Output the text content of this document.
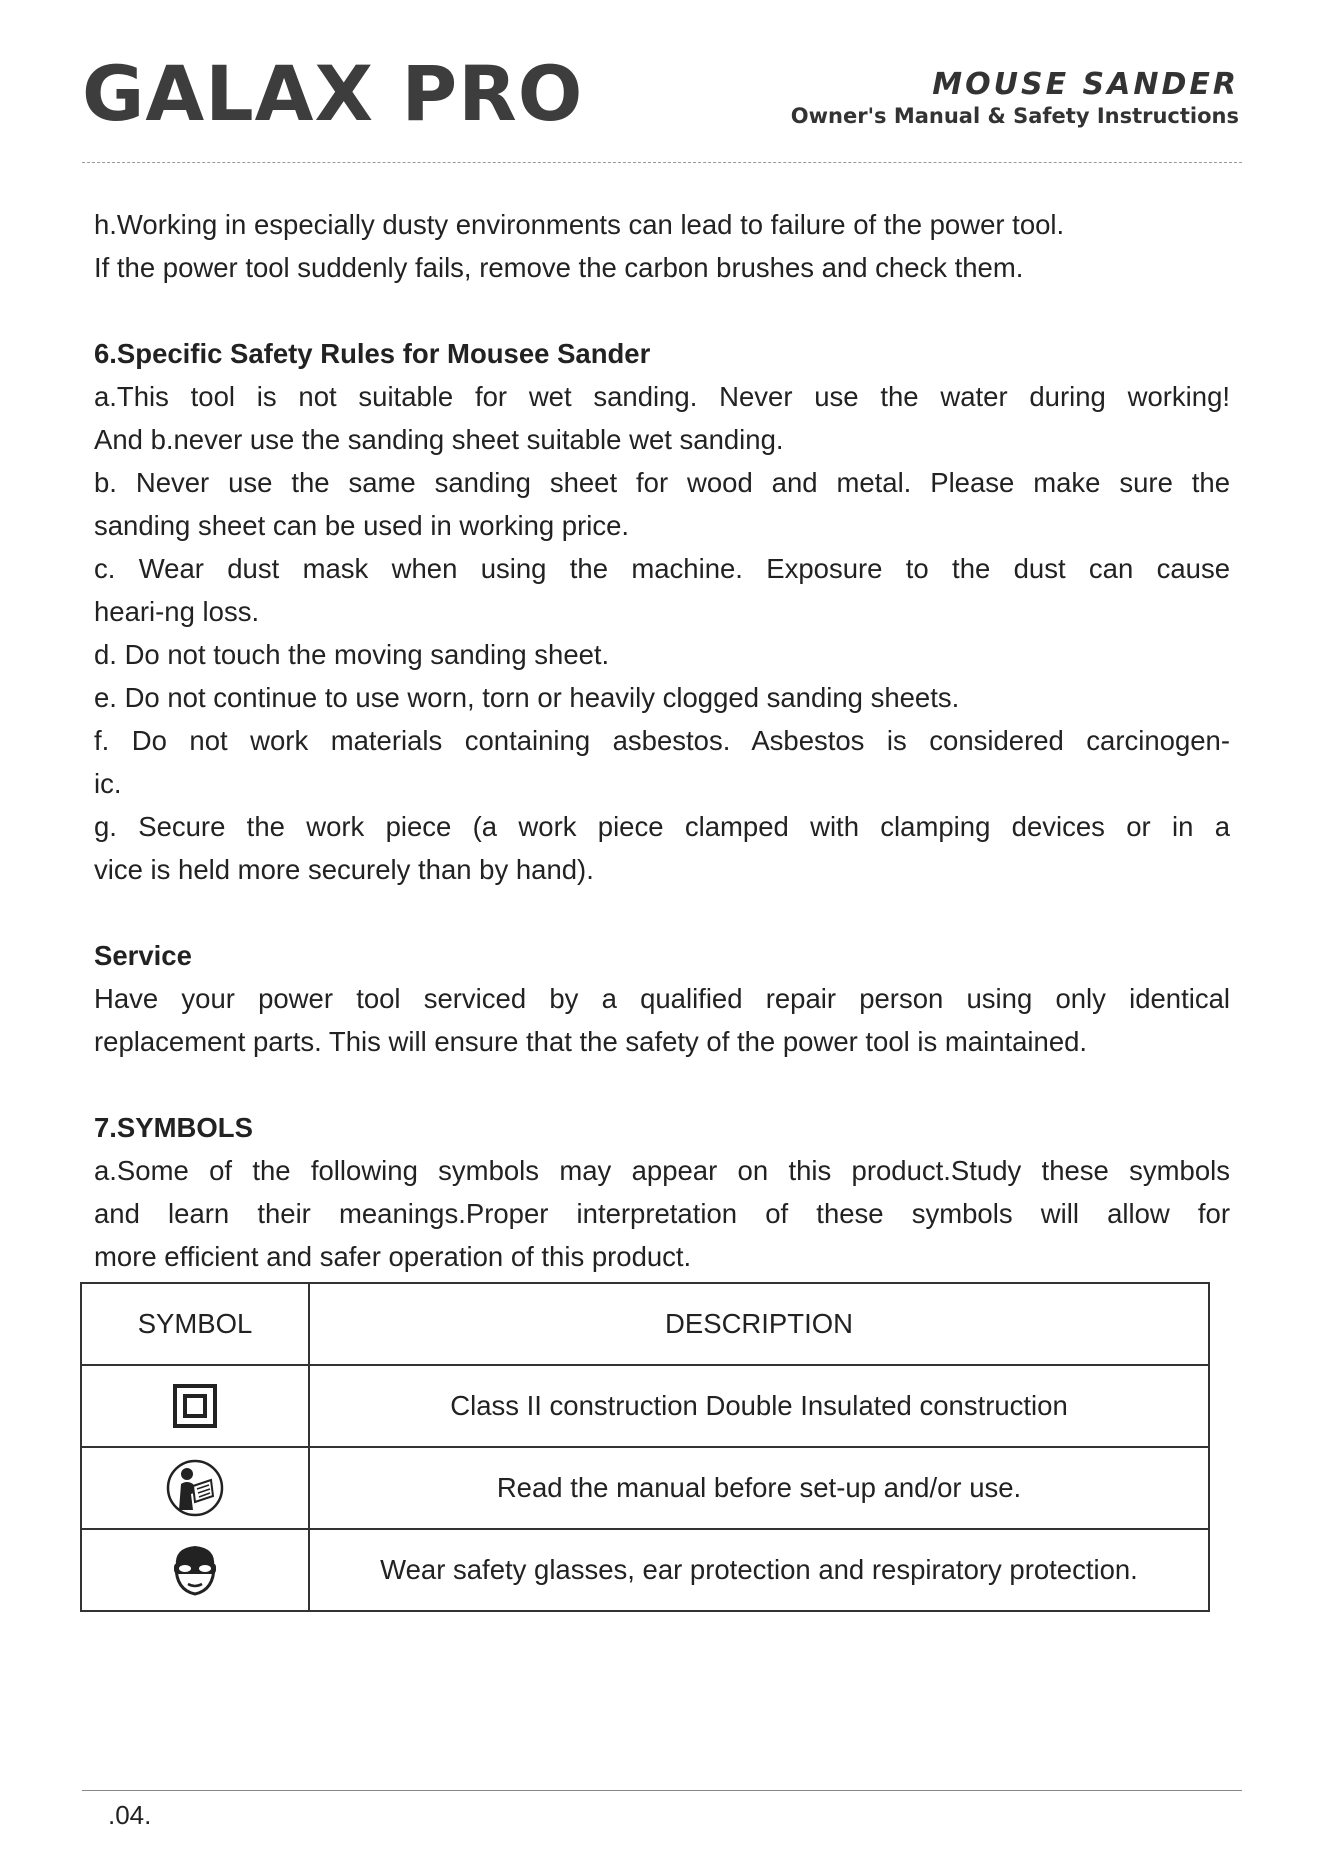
GALAX PRO	MOUSE SANDER
Owner's Manual & Safety Instructions

h.Working in especially dusty environments can lead to failure of the power tool.

If the power tool suddenly fails, remove the carbon brushes and check them.

6.Specific Safety Rules for Mousee Sander

a.This tool is not suitable for wet sanding. Never use the water during working!

And b.never use the sanding sheet suitable wet sanding.

b. Never use the same sanding sheet for wood and metal. Please make sure the

sanding sheet can be used in working price.

c. Wear dust mask when using the machine. Exposure to the dust can cause

heari-ng loss.

d. Do not touch the moving sanding sheet.

e. Do not continue to use worn, torn or heavily clogged sanding sheets.

f. Do not work materials containing asbestos. Asbestos is considered carcinogen-

ic.

g. Secure the work piece (a work piece clamped with clamping devices or in a

vice is held more securely than by hand).

Service

Have your power tool serviced by a qualified repair person using only identical

replacement parts. This will ensure that the safety of the power tool is maintained.

7.SYMBOLS

a.Some of the following symbols may appear on this product.Study these symbols

and learn their meanings.Proper interpretation of these symbols will allow for

more efficient and safer operation of this product.

SYMBOL	DESCRIPTION
	Class II construction Double Insulated construction
	Read the manual before set-up and/or use.
	Wear safety glasses, ear protection and respiratory protection.
.04.
